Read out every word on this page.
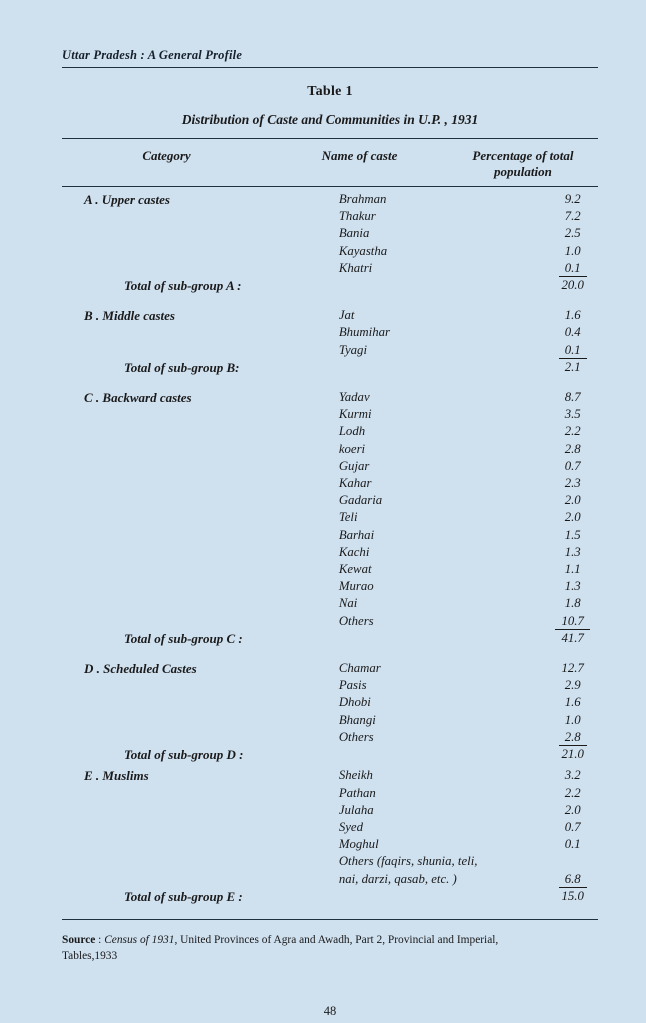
Uttar Pradesh : A General Profile
Table 1
Distribution of Caste and Communities in U.P. , 1931
Category	Name of caste	Percentage of total
population

A . Upper castes	Brahman	9.2
	Thakur	7.2
	Bania	2.5
	Kayastha	1.0
	Khatri	0.1
Total of sub-group A :		20.0

B . Middle castes	Jat	1.6
	Bhumihar	0.4
	Tyagi	0.1
Total of sub-group B:		2.1

C . Backward castes	Yadav	8.7
	Kurmi	3.5
	Lodh	2.2
	koeri	2.8
	Gujar	0.7
	Kahar	2.3
	Gadaria	2.0
	Teli	2.0
	Barhai	1.5
	Kachi	1.3
	Kewat	1.1
	Murao	1.3
	Nai	1.8
	Others	10.7
Total of sub-group C :		41.7

D . Scheduled Castes	Chamar	12.7
	Pasis	2.9
	Dhobi	1.6
	Bhangi	1.0
	Others	2.8
Total of sub-group D :		21.0

E . Muslims	Sheikh	3.2
	Pathan	2.2
	Julaha	2.0
	Syed	0.7
	Moghul	0.1
	Others (faqirs, shunia, teli,	
	nai, darzi, qasab, etc. )	6.8
Total of sub-group E :		15.0
Source : Census of 1931, United Provinces of Agra and Awadh, Part 2, Provincial and Imperial,
Tables,1933
48
